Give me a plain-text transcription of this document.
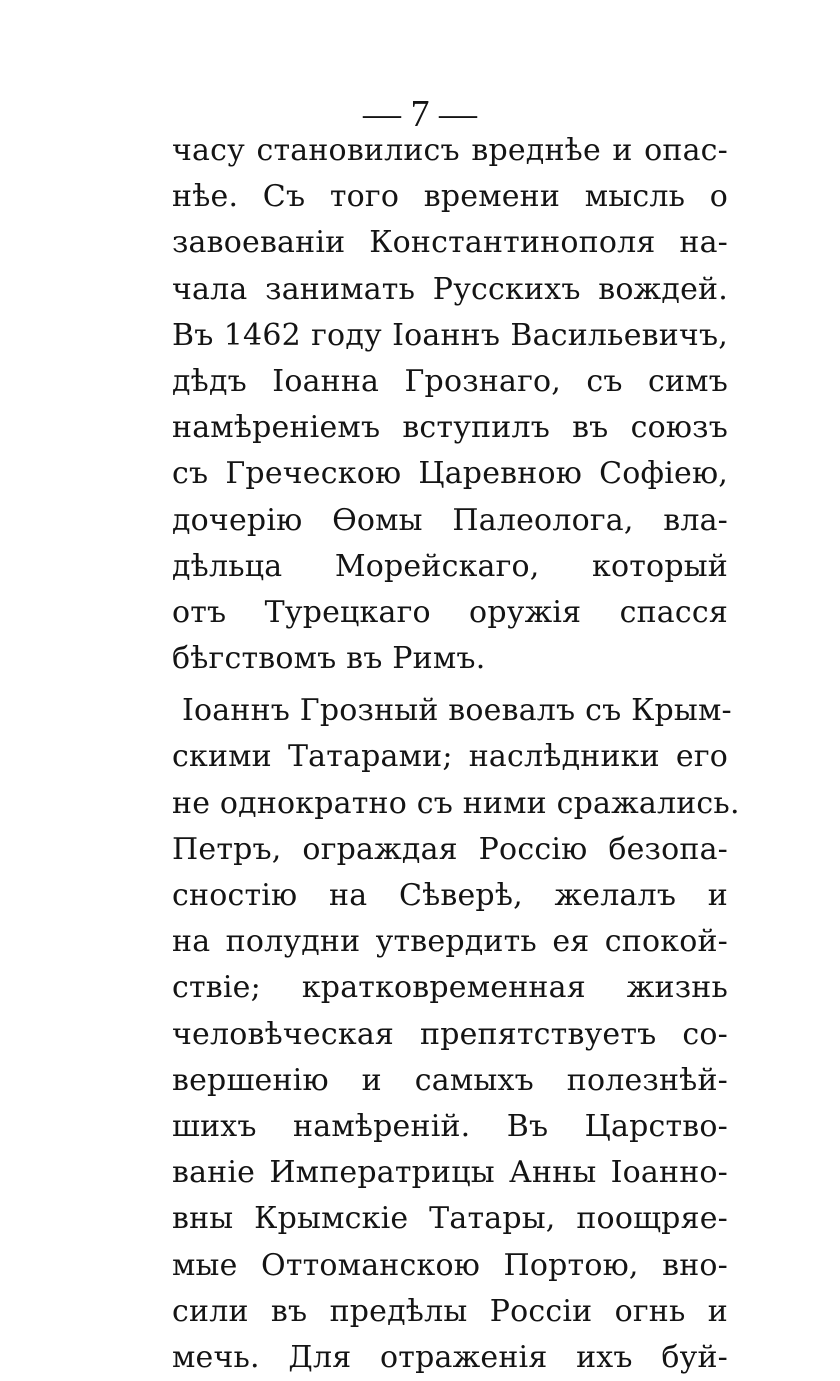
— 7 —
часу становилисъ вреднѣе и опас-
нѣе. Съ того времени мысль о
завоеваніи Константинополя на-
чала занимать Русскихъ вождей.
Въ 1462 году Іоаннъ Васильевичъ,
дѣдъ Іоанна Грознаго, съ симъ
намѣреніемъ вступилъ въ союзъ
съ Греческою Царевною Софіею,
дочерію Ѳомы Палеолога, вла-
дѣльца Морейскаго, который
отъ Турецкаго оружія спасся
бѣгствомъ въ Римъ.
Іоаннъ Грозный воевалъ съ Крым-
скими Татарами; наслѣдники его
не однократно съ ними сражались.
Петръ, ограждая Россію безопа-
сностію на Сѣверѣ, желалъ и
на полудни утвердить ея спокой-
ствіе; кратковременная жизнь
человѣческая препятствуетъ со-
вершенію и самыхъ полезнѣй-
шихъ намѣреній. Въ Царствo-
ваніе Императрицы Анны Іоанно-
вны Крымскіе Татары, поощряе-
мые Оттоманскою Портою, вно-
сили въ предѣлы Россіи огнь и
мечь. Для отраженія ихъ буй-
